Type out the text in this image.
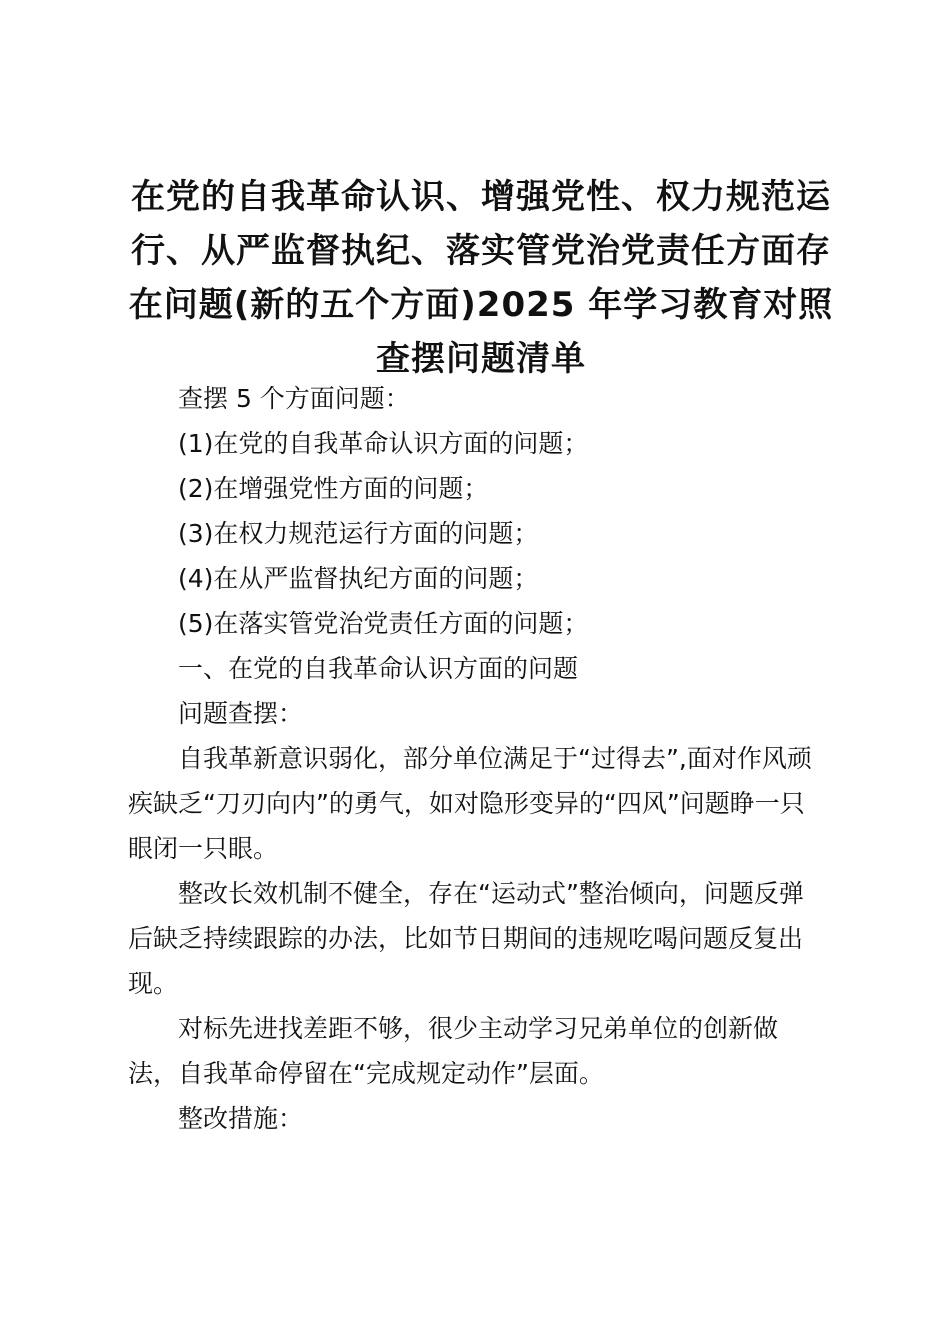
在党的自我革命认识、增强党性、权力规范运
行、从严监督执纪、落实管党治党责任方面存
在问题(新的五个方面)2025 年学习教育对照
查摆问题清单

查摆 5 个方面问题：

(1)在党的自我革命认识方面的问题；

(2)在增强党性方面的问题；

(3)在权力规范运行方面的问题；

(4)在从严监督执纪方面的问题；

(5)在落实管党治党责任方面的问题；

一、在党的自我革命认识方面的问题

问题查摆：

自我革新意识弱化，部分单位满足于“过得去”,面对作风顽
疾缺乏“刀刃向内”的勇气，如对隐形变异的“四风”问题睁一只
眼闭一只眼。
整改长效机制不健全，存在“运动式”整治倾向，问题反弹
后缺乏持续跟踪的办法，比如节日期间的违规吃喝问题反复出
现。
对标先进找差距不够，很少主动学习兄弟单位的创新做
法，自我革命停留在“完成规定动作”层面。

整改措施：
